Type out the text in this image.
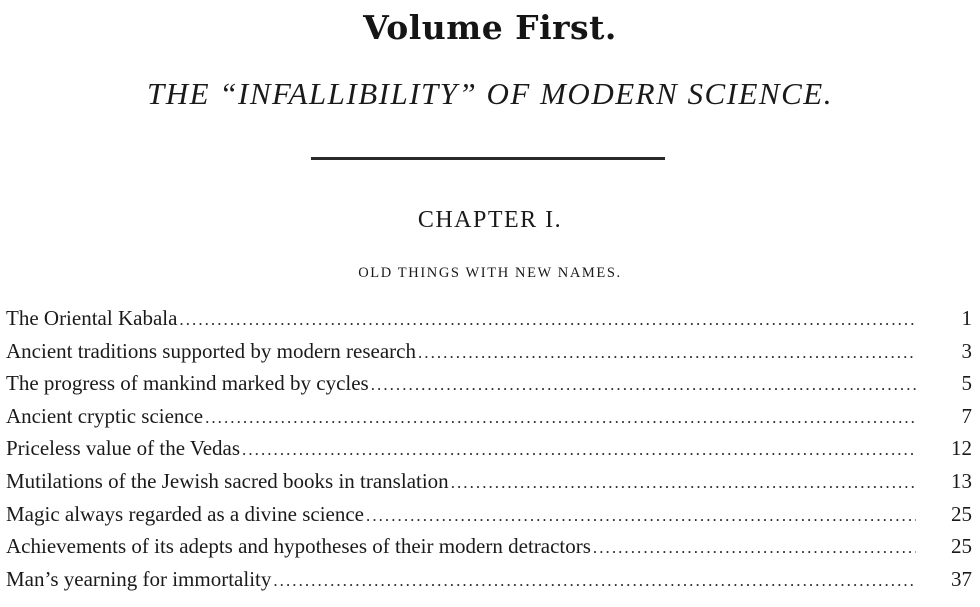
Volume First.
THE “INFALLIBILITY” OF MODERN SCIENCE.
CHAPTER I.
OLD THINGS WITH NEW NAMES.
The Oriental Kabala . . .	1
Ancient traditions supported by modern research . . .	3
The progress of mankind marked by cycles . . .	5
Ancient cryptic science . . .	7
Priceless value of the Vedas . . .	12
Mutilations of the Jewish sacred books in translation . . .	13
Magic always regarded as a divine science . . .	25
Achievements of its adepts and hypotheses of their modern detractors . . .	25
Man’s yearning for immortality . . .	37
